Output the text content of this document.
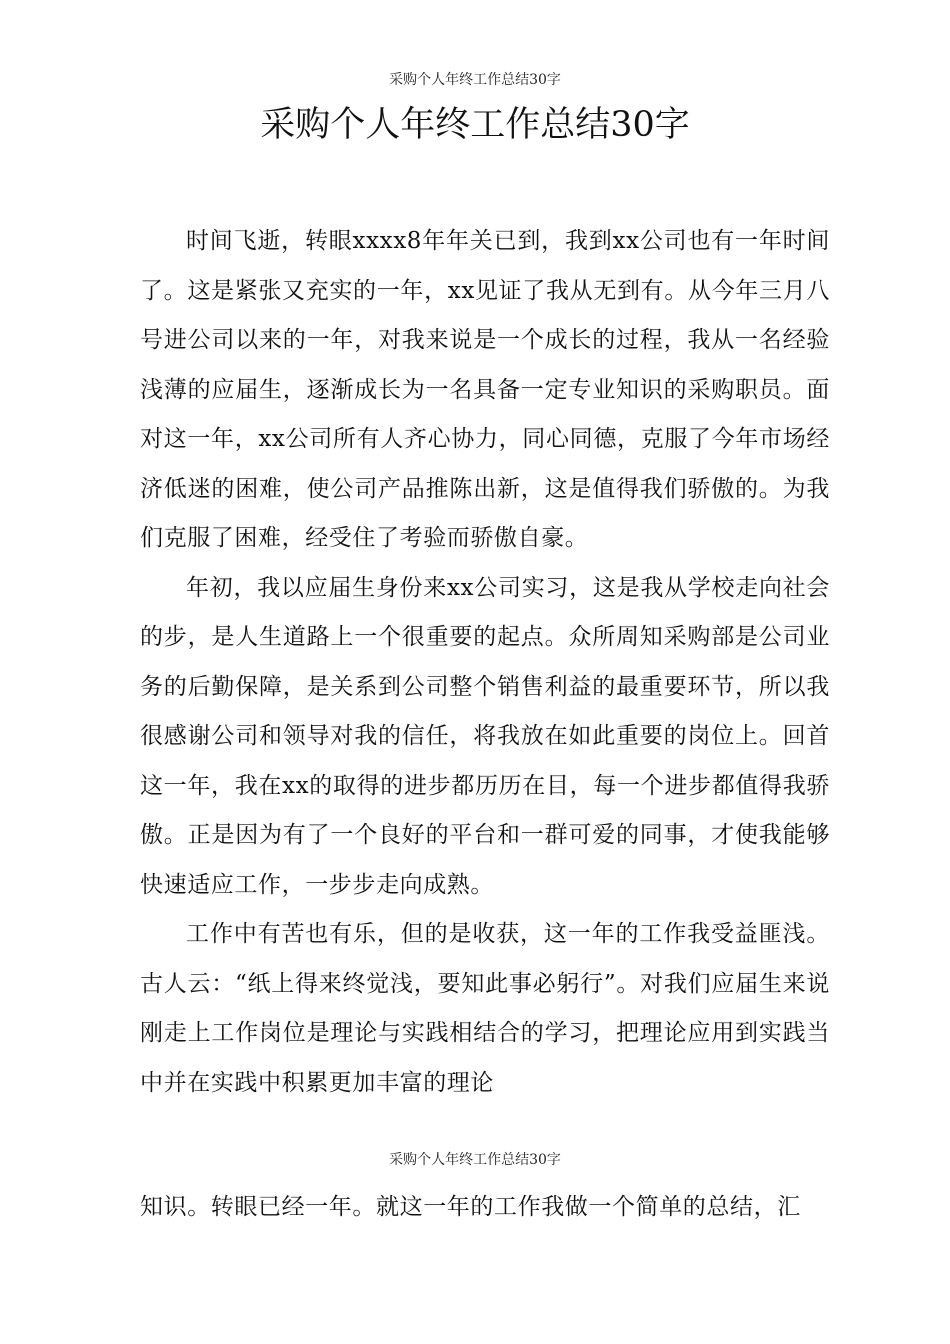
采购个人年终工作总结30字
采购个人年终工作总结30字

时间飞逝，转眼xxxx8年年关已到，我到xx公司也有一年时间了。这是紧张又充实的一年，xx见证了我从无到有。从今年三月八号进公司以来的一年，对我来说是一个成长的过程，我从一名经验浅薄的应届生，逐渐成长为一名具备一定专业知识的采购职员。面对这一年，xx公司所有人齐心协力，同心同德，克服了今年市场经济低迷的困难，使公司产品推陈出新，这是值得我们骄傲的。为我们克服了困难，经受住了考验而骄傲自豪。

年初，我以应届生身份来xx公司实习，这是我从学校走向社会的步，是人生道路上一个很重要的起点。众所周知采购部是公司业务的后勤保障，是关系到公司整个销售利益的最重要环节，所以我很感谢公司和领导对我的信任，将我放在如此重要的岗位上。回首这一年，我在xx的取得的进步都历历在目，每一个进步都值得我骄傲。正是因为有了一个良好的平台和一群可爱的同事，才使我能够快速适应工作，一步步走向成熟。

工作中有苦也有乐，但的是收获，这一年的工作我受益匪浅。古人云：“纸上得来终觉浅，要知此事必躬行”。对我们应届生来说刚走上工作岗位是理论与实践相结合的学习，把理论应用到实践当中并在实践中积累更加丰富的理论

采购个人年终工作总结30字

知识。转眼已经一年。就这一年的工作我做一个简单的总结，汇
